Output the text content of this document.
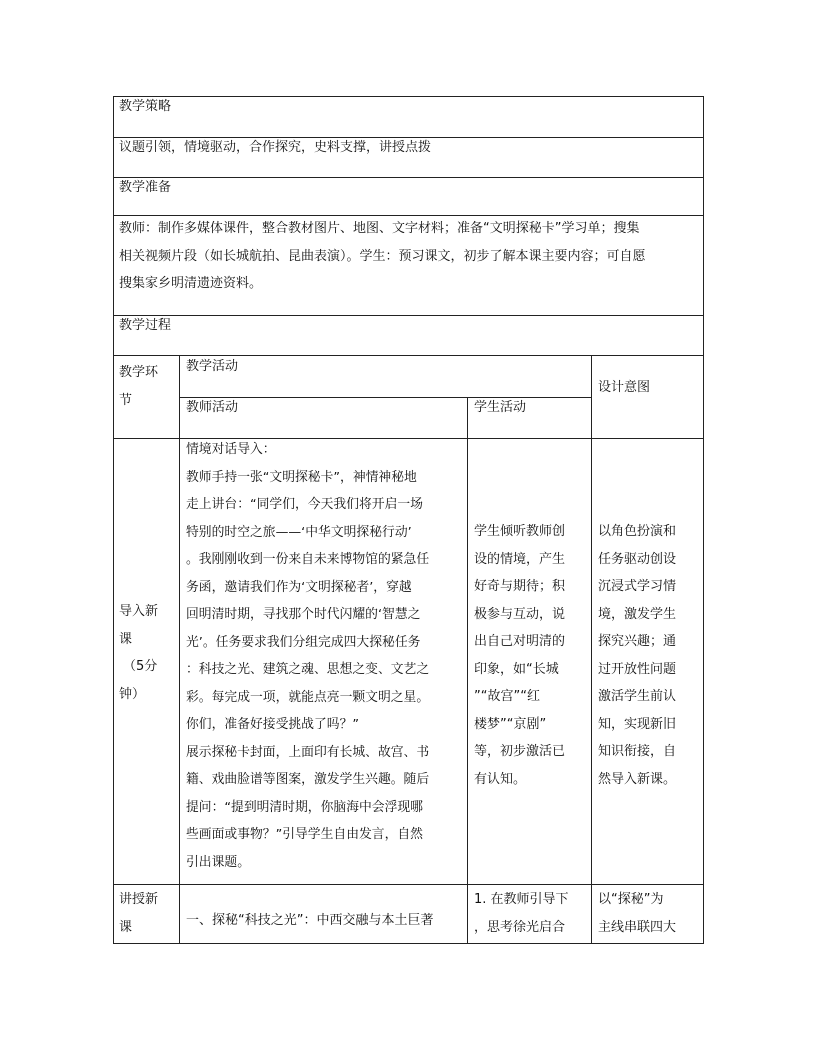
教学策略
议题引领，情境驱动，合作探究，史料支撑，讲授点拨
教学准备
教师：制作多媒体课件，整合教材图片、地图、文字材料；准备“文明探秘卡”学习单；搜集
相关视频片段（如长城航拍、昆曲表演）。学生：预习课文，初步了解本课主要内容；可自愿
搜集家乡明清遗迹资料。
教学过程
教学环
节
教学活动
教师活动	学生活动
设计意图
导入新
课
（5分
钟）
情境对话导入：
教师手持一张“文明探秘卡”，神情神秘地
走上讲台：“同学们，今天我们将开启一场
特别的时空之旅——‘中华文明探秘行动’
。我刚刚收到一份来自未来博物馆的紧急任
务函，邀请我们作为‘文明探秘者’，穿越
回明清时期，寻找那个时代闪耀的‘智慧之
光’。任务要求我们分组完成四大探秘任务
：科技之光、建筑之魂、思想之变、文艺之
彩。每完成一项，就能点亮一颗文明之星。
你们，准备好接受挑战了吗？”
展示探秘卡封面，上面印有长城、故宫、书
籍、戏曲脸谱等图案，激发学生兴趣。随后
提问：“提到明清时期，你脑海中会浮现哪
些画面或事物？”引导学生自由发言，自然
引出课题。
学生倾听教师创
设的情境，产生
好奇与期待；积
极参与互动，说
出自己对明清的
印象，如“长城
”“故宫”“红
楼梦”“京剧”
等，初步激活已
有认知。
以角色扮演和
任务驱动创设
沉浸式学习情
境，激发学生
探究兴趣；通
过开放性问题
激活学生前认
知，实现新旧
知识衔接，自
然导入新课。
讲授新
课	一、探秘“科技之光”：中西交融与本土巨著
1. 在教师引导下
，思考徐光启合
以“探秘”为
主线串联四大
